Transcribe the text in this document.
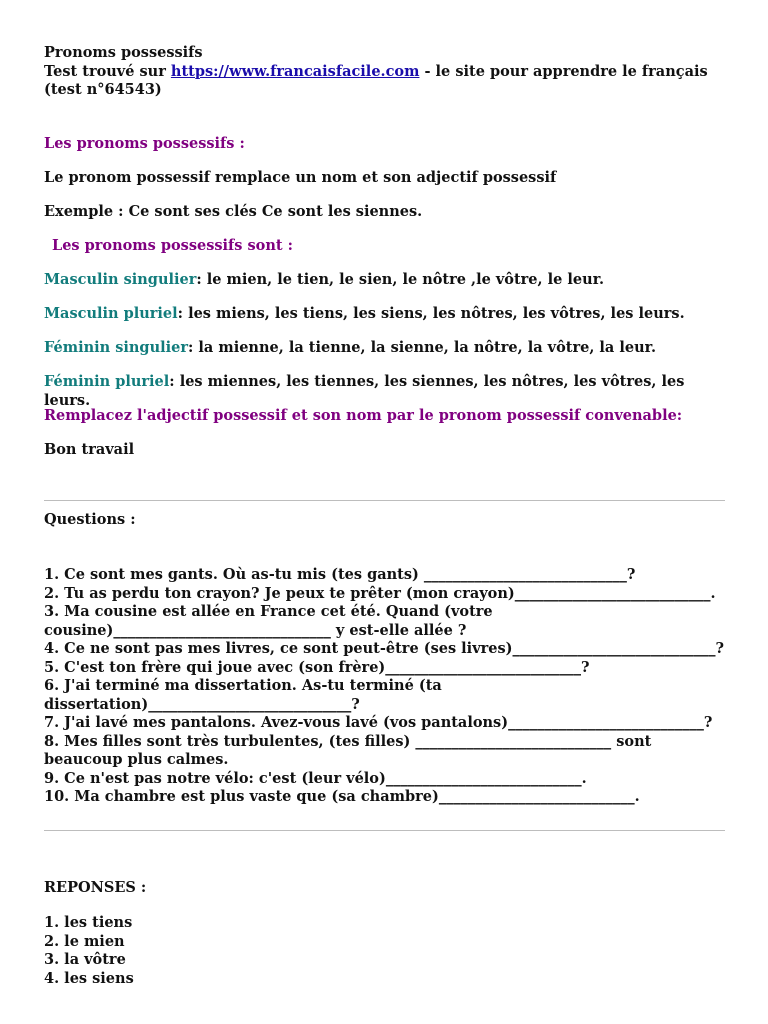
Pronoms possessifs
Test trouvé sur https://www.francaisfacile.com - le site pour apprendre le français (test n°64543)
Les pronoms possessifs :
Le pronom possessif remplace un nom et son adjectif possessif
Exemple : Ce sont ses clés Ce sont les siennes.
Les pronoms possessifs sont :
Masculin singulier: le mien, le tien, le sien, le nôtre ,le vôtre, le leur.
Masculin pluriel: les miens, les tiens, les siens, les nôtres, les vôtres, les leurs.
Féminin singulier: la mienne, la tienne, la sienne, la nôtre, la vôtre, la leur.
Féminin pluriel: les miennes, les tiennes, les siennes, les nôtres, les vôtres, les leurs.
Remplacez l'adjectif possessif et son nom par le pronom possessif convenable:
Bon travail
Questions :
1. Ce sont mes gants. Où as-tu mis (tes gants) ____________________________?
2. Tu as perdu ton crayon? Je peux te prêter (mon crayon)___________________________.
3. Ma cousine est allée en France cet été. Quand (votre cousine)______________________________ y est-elle allée ?
4. Ce ne sont pas mes livres, ce sont peut-être (ses livres)____________________________?
5. C'est ton frère qui joue avec (son frère)___________________________?
6. J'ai terminé ma dissertation. As-tu terminé (ta dissertation)____________________________?
7. J'ai lavé mes pantalons. Avez-vous lavé (vos pantalons)___________________________?
8. Mes filles sont très turbulentes, (tes filles) ___________________________ sont beaucoup plus calmes.
9. Ce n'est pas notre vélo: c'est (leur vélo)___________________________.
10. Ma chambre est plus vaste que (sa chambre)___________________________.
REPONSES :
1. les tiens
2. le mien
3. la vôtre
4. les siens
